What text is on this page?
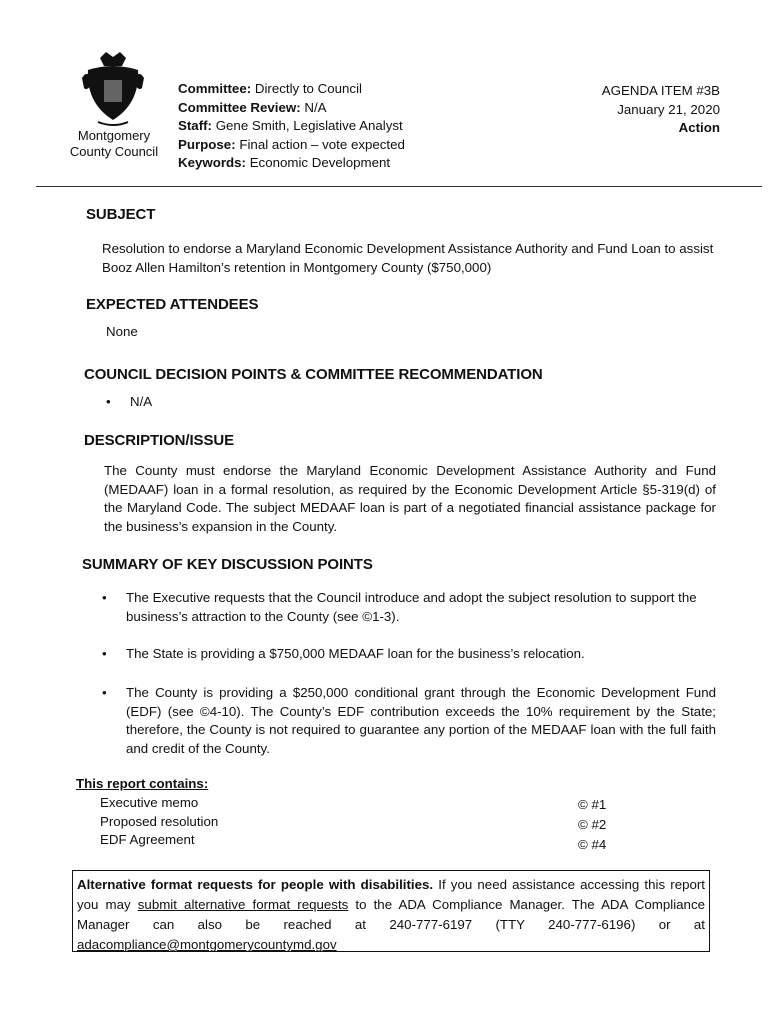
Montgomery County Council
Committee: Directly to Council
Committee Review: N/A
Staff: Gene Smith, Legislative Analyst
Purpose: Final action – vote expected
Keywords: Economic Development
AGENDA ITEM #3B
January 21, 2020
Action
SUBJECT
Resolution to endorse a Maryland Economic Development Assistance Authority and Fund Loan to assist Booz Allen Hamilton’s retention in Montgomery County ($750,000)
EXPECTED ATTENDEES
None
COUNCIL DECISION POINTS & COMMITTEE RECOMMENDATION
• N/A
DESCRIPTION/ISSUE
The County must endorse the Maryland Economic Development Assistance Authority and Fund (MEDAAF) loan in a formal resolution, as required by the Economic Development Article §5-319(d) of the Maryland Code. The subject MEDAAF loan is part of a negotiated financial assistance package for the business’s expansion in the County.
SUMMARY OF KEY DISCUSSION POINTS
• The Executive requests that the Council introduce and adopt the subject resolution to support the business’s attraction to the County (see ©1-3).
• The State is providing a $750,000 MEDAAF loan for the business’s relocation.
• The County is providing a $250,000 conditional grant through the Economic Development Fund (EDF) (see ©4-10). The County’s EDF contribution exceeds the 10% requirement by the State; therefore, the County is not required to guarantee any portion of the MEDAAF loan with the full faith and credit of the County.
This report contains:
Executive memo	© #1
Proposed resolution	© #2
EDF Agreement	© #4
Alternative format requests for people with disabilities. If you need assistance accessing this report you may submit alternative format requests to the ADA Compliance Manager. The ADA Compliance Manager can also be reached at 240-777-6197 (TTY 240-777-6196) or at adacompliance@montgomerycountymd.gov
